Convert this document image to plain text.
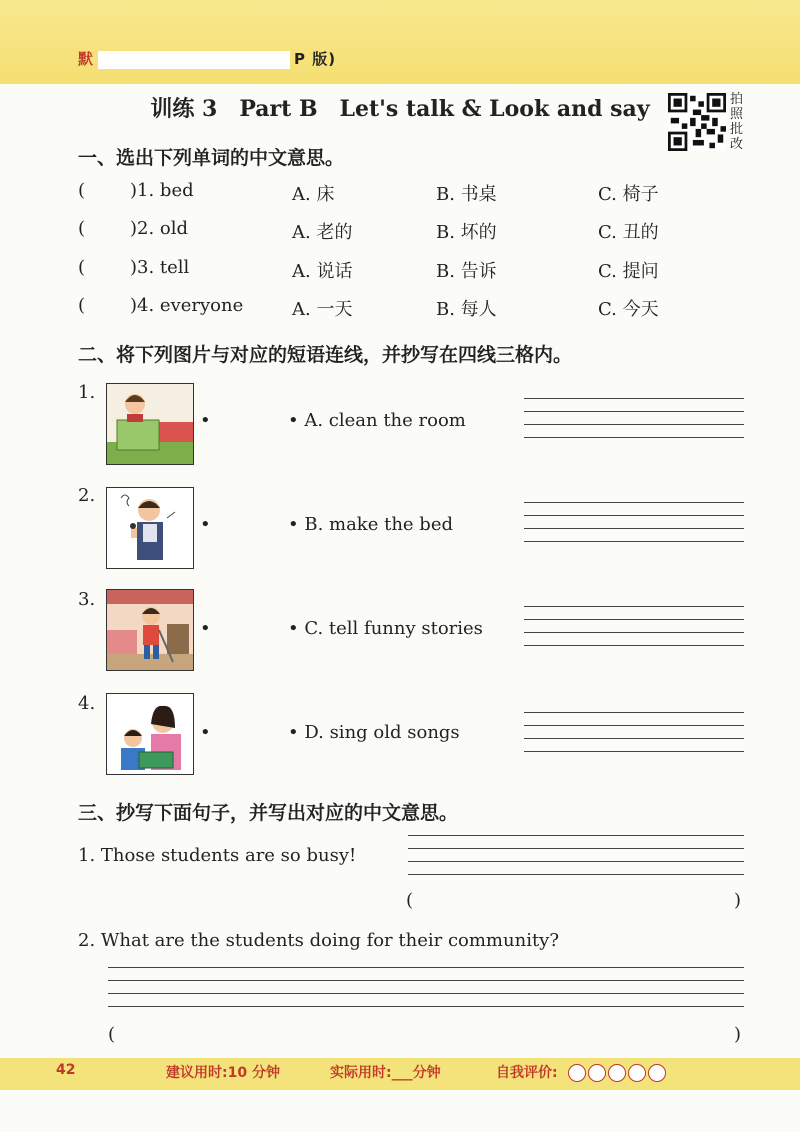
默	P 版)
训练 3　Part B　Let's talk & Look and say	拍照批改
一、选出下列单词的中文意思。
( )1. bed	A. 床	B. 书桌	C. 椅子
( )2. old	A. 老的	B. 坏的	C. 丑的
( )3. tell	A. 说话	B. 告诉	C. 提问
( )4. everyone	A. 一天	B. 每人	C. 今天
二、将下列图片与对应的短语连线，并抄写在四线三格内。
1.
•	• A. clean the room
2.
•	• B. make the bed
3.
•	• C. tell funny stories
4.
•	• D. sing old songs
三、抄写下面句子，并写出对应的中文意思。
1. Those students are so busy!
(	)
2. What are the students doing for their community?
(	)
42	建议用时:10 分钟	实际用时:___分钟	自我评价:
